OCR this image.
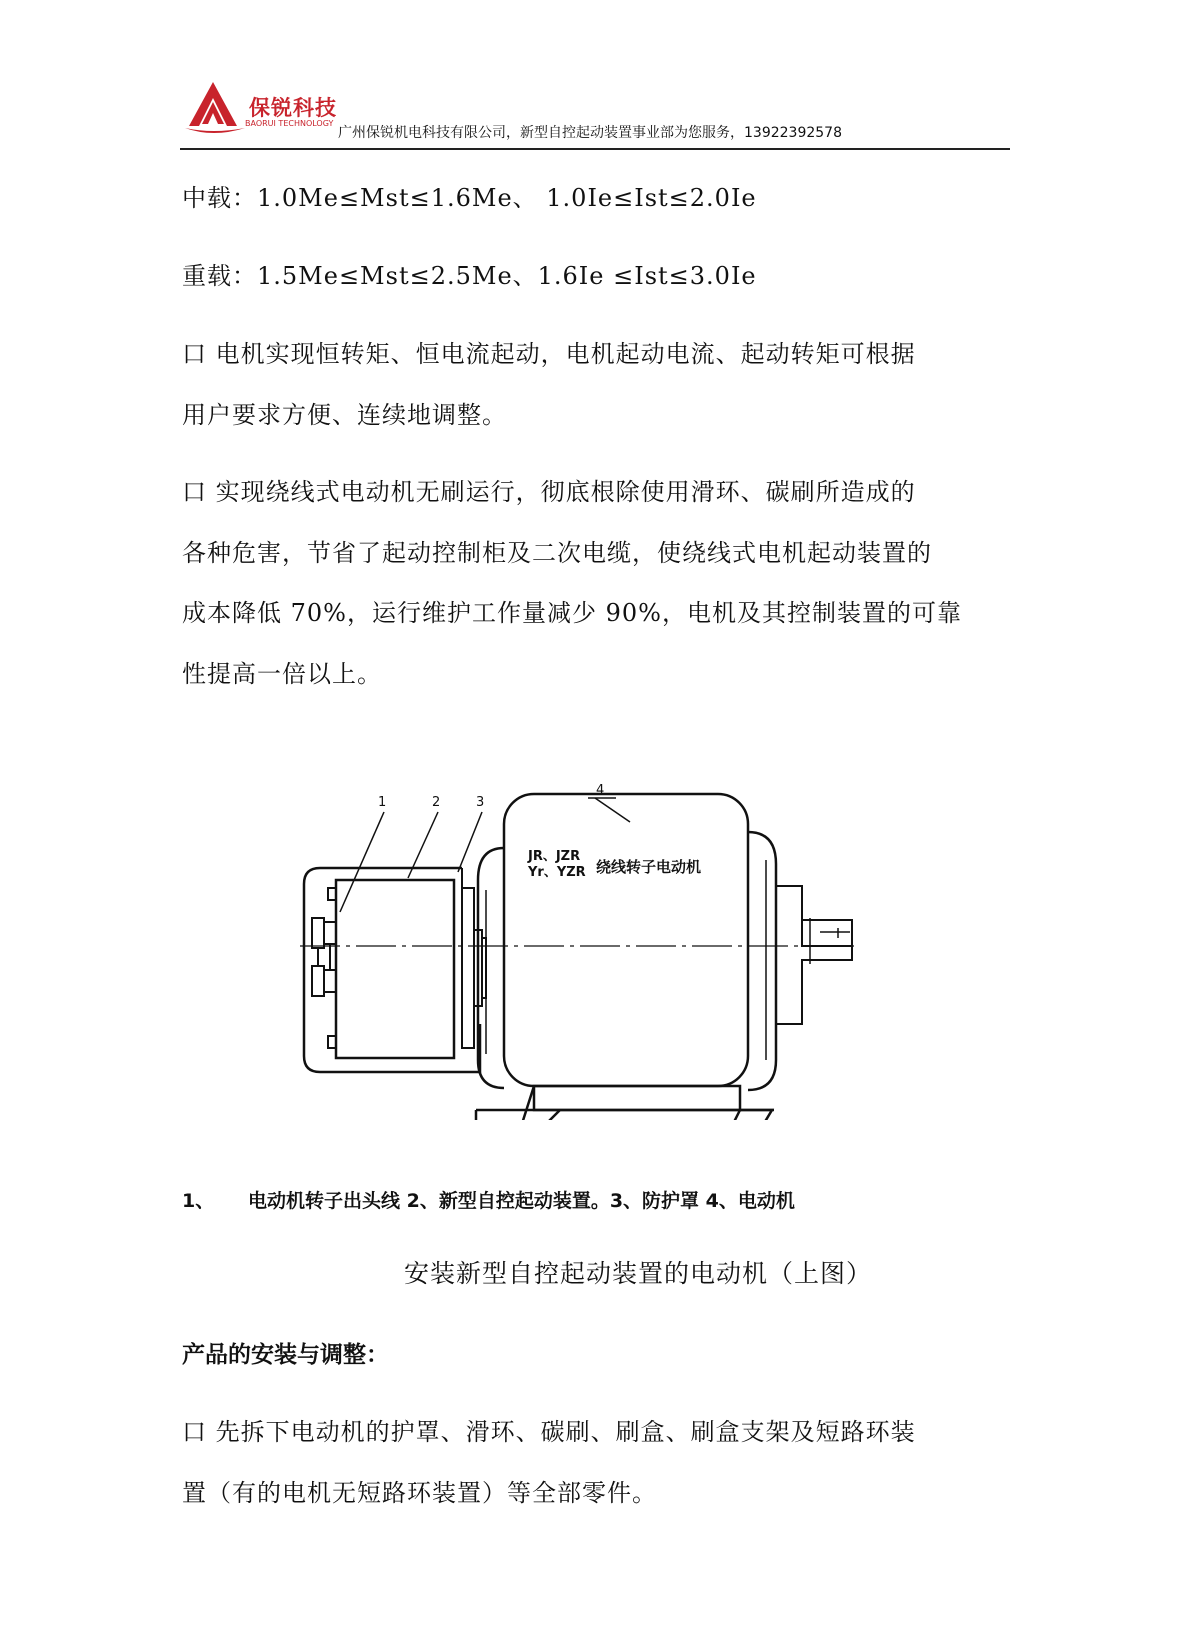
保锐科技
BAORUI TECHNOLOGY
广州保锐机电科技有限公司，新型自控起动装置事业部为您服务，13922392578
中载：1.0Me≤Mst≤1.6Me、 1.0Ie≤Ist≤2.0Ie
重载：1.5Me≤Mst≤2.5Me、1.6Ie ≤Ist≤3.0Ie
口 电机实现恒转矩、恒电流起动，电机起动电流、起动转矩可根据
用户要求方便、连续地调整。
口 实现绕线式电动机无刷运行，彻底根除使用滑环、碳刷所造成的
各种危害，节省了起动控制柜及二次电缆，使绕线式电机起动装置的
成本降低 70%，运行维护工作量减少 90%，电机及其控制装置的可靠
性提高一倍以上。
1	2	3
4
JR、JZR
Yr、YZR 绕线转子电动机
1、 电动机转子出头线 2、新型自控起动装置。3、防护罩 4、电动机
安装新型自控起动装置的电动机（上图）
产品的安装与调整：
口 先拆下电动机的护罩、滑环、碳刷、刷盒、刷盒支架及短路环装
置（有的电机无短路环装置）等全部零件。
